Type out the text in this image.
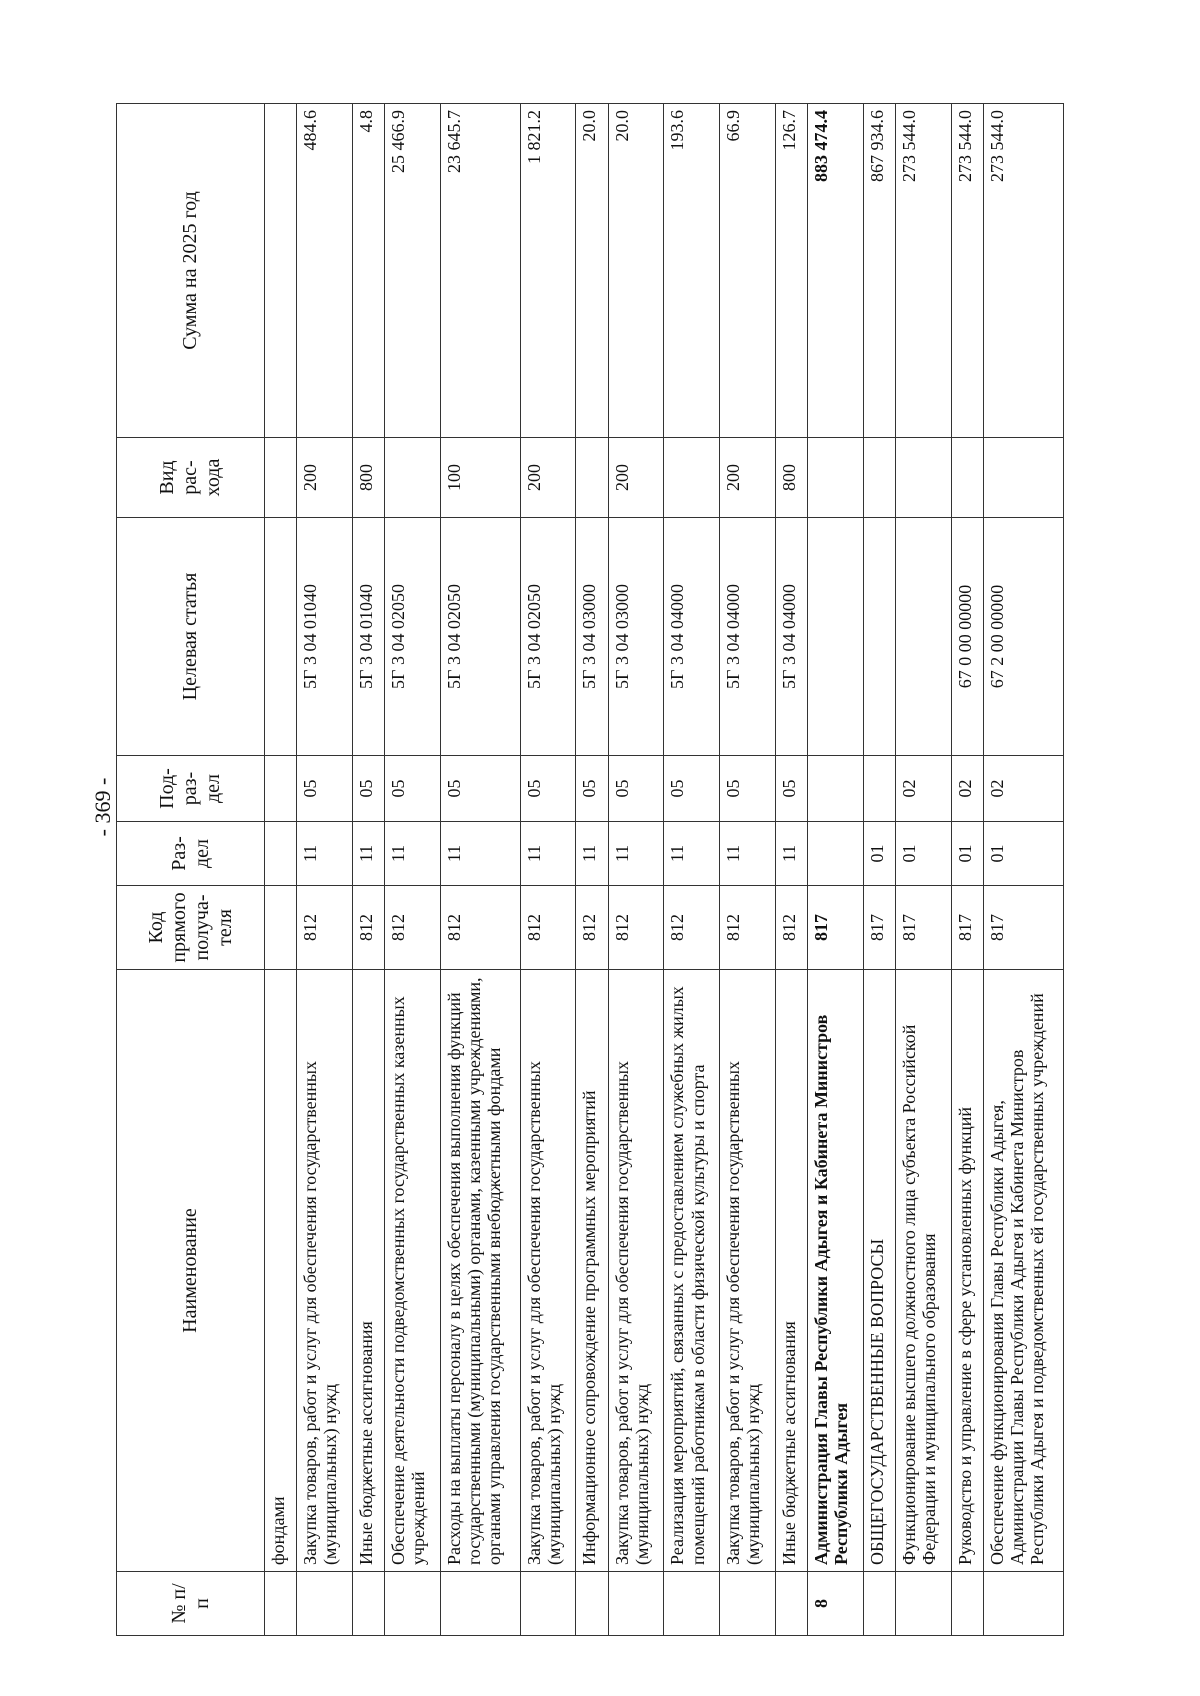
- 369 -
№ п/п	Наименование	Код прямого получа- теля	Раз- дел	Под- раз- дел	Целевая статья	Вид рас- хода	Сумма на 2025 год
	фондами						
	Закупка товаров, работ и услуг для обеспечения государственных (муниципальных) нужд	812	11	05	5Г 3 04 01040	200	484.6
	Иные бюджетные ассигнования	812	11	05	5Г 3 04 01040	800	4.8
	Обеспечение деятельности подведомственных государственных казенных учреждений	812	11	05	5Г 3 04 02050		25 466.9
	Расходы на выплаты персоналу в целях обеспечения выполнения функций государственными (муниципальными) органами, казенными учреждениями, органами управления государственными внебюджетными фондами	812	11	05	5Г 3 04 02050	100	23 645.7
	Закупка товаров, работ и услуг для обеспечения государственных (муниципальных) нужд	812	11	05	5Г 3 04 02050	200	1 821.2
	Информационное сопровождение программных мероприятий	812	11	05	5Г 3 04 03000		20.0
	Закупка товаров, работ и услуг для обеспечения государственных (муниципальных) нужд	812	11	05	5Г 3 04 03000	200	20.0
	Реализация мероприятий, связанных с предоставлением служебных жилых помещений работникам в области физической культуры и спорта	812	11	05	5Г 3 04 04000		193.6
	Закупка товаров, работ и услуг для обеспечения государственных (муниципальных) нужд	812	11	05	5Г 3 04 04000	200	66.9
	Иные бюджетные ассигнования	812	11	05	5Г 3 04 04000	800	126.7
8	Администрация Главы Республики Адыгея и Кабинета Министров Республики Адыгея	817					883 474.4
	ОБЩЕГОСУДАРСТВЕННЫЕ ВОПРОСЫ	817	01				867 934.6
	Функционирование высшего должностного лица субъекта Российской Федерации и муниципального образования	817	01	02			273 544.0
	Руководство и управление в сфере установленных функций	817	01	02	67 0 00 00000		273 544.0
	Обеспечение функционирования Главы Республики Адыгея, Администрации Главы Республики Адыгея и Кабинета Министров Республики Адыгея и подведомственных ей государственных учреждений	817	01	02	67 2 00 00000		273 544.0
